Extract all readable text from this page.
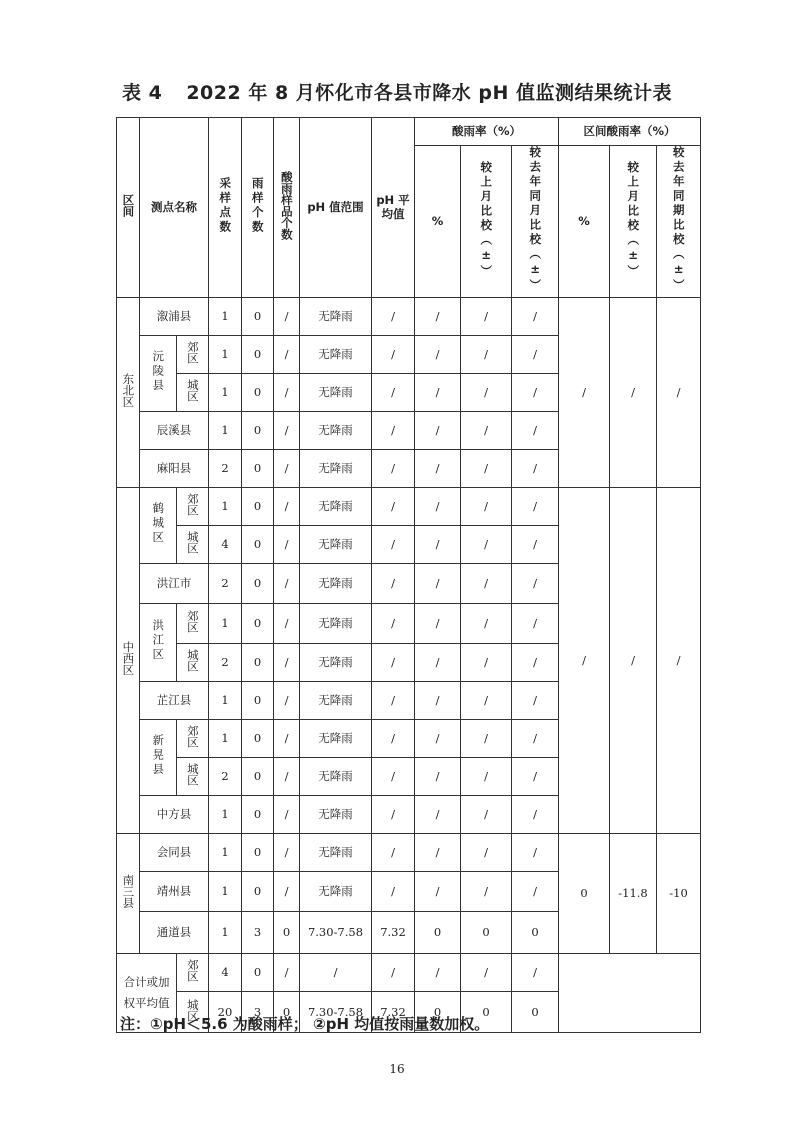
表 4 2022 年 8 月怀化市各县市降水 pH 值监测结果统计表
区间	测点名称		采样点数	雨样个数	酸雨样品个数	pH 值范围	pH 平均值	酸雨率（%）			区间酸雨率（%）		
								%	较上月比校（±）	较去年同月比校（±）	%	较上月比校（±）	较去年同期比校（±）
东北区	溆浦县		1	0	/	无降雨	/	/	/	/	/	/	/
	沅陵县	郊区	1	0	/	无降雨	/	/	/	/			
		城区	1	0	/	无降雨	/	/	/	/			
	辰溪县		1	0	/	无降雨	/	/	/	/			
	麻阳县		2	0	/	无降雨	/	/	/	/			
中西区	鹤城区	郊区	1	0	/	无降雨	/	/	/	/	/	/	/
		城区	4	0	/	无降雨	/	/	/	/			
	洪江市		2	0	/	无降雨	/	/	/	/			
	洪江区	郊区	1	0	/	无降雨	/	/	/	/			
		城区	2	0	/	无降雨	/	/	/	/			
	芷江县		1	0	/	无降雨	/	/	/	/			
	新晃县	郊区	1	0	/	无降雨	/	/	/	/			
		城区	2	0	/	无降雨	/	/	/	/			
	中方县		1	0	/	无降雨	/	/	/	/			
南三县	会同县		1	0	/	无降雨	/	/	/	/	0	-11.8	-10
	靖州县		1	0	/	无降雨	/	/	/	/			
	通道县		1	3	0	7.30-7.58	7.32	0	0	0			
合计或加权平均值		郊区	4	0	/	/	/	/	/	/			
		城区	20	3	0	7.30-7.58	7.32	0	0	0			
注：①pH＜5.6 为酸雨样； ②pH 均值按雨量数加权。
16
